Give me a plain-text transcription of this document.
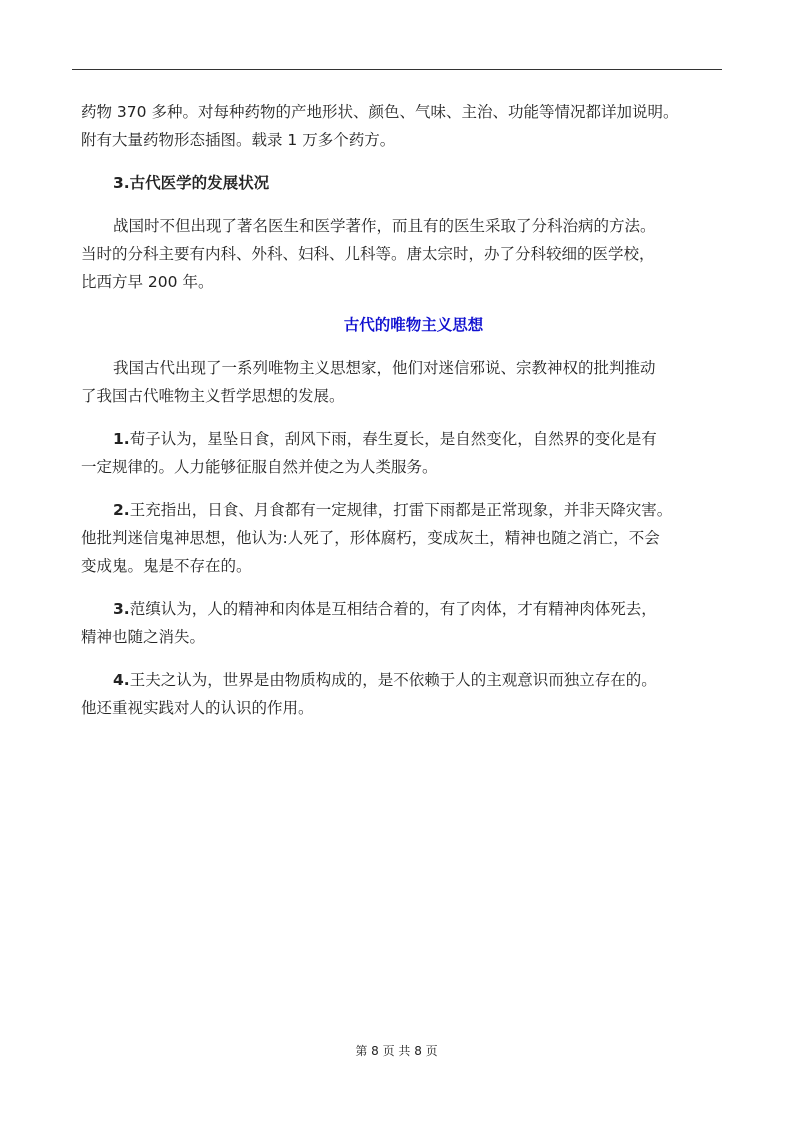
药物 370 多种。对每种药物的产地形状、颜色、气味、主治、功能等情况都详加说明。
附有大量药物形态插图。载录 1 万多个药方。
3.古代医学的发展状况
战国时不但出现了著名医生和医学著作，而且有的医生采取了分科治病的方法。
当时的分科主要有内科、外科、妇科、儿科等。唐太宗时，办了分科较细的医学校，
比西方早 200 年。
古代的唯物主义思想
我国古代出现了一系列唯物主义思想家，他们对迷信邪说、宗教神权的批判推动
了我国古代唯物主义哲学思想的发展。
1.荀子认为，星坠日食，刮风下雨，春生夏长，是自然变化，自然界的变化是有
一定规律的。人力能够征服自然并使之为人类服务。
2.王充指出，日食、月食都有一定规律，打雷下雨都是正常现象，并非天降灾害。
他批判迷信鬼神思想，他认为:人死了，形体腐朽，变成灰土，精神也随之消亡，不会
变成鬼。鬼是不存在的。
3.范缜认为，人的精神和肉体是互相结合着的，有了肉体，才有精神肉体死去，
精神也随之消失。
4.王夫之认为，世界是由物质构成的，是不依赖于人的主观意识而独立存在的。
他还重视实践对人的认识的作用。
第 8 页 共 8 页
